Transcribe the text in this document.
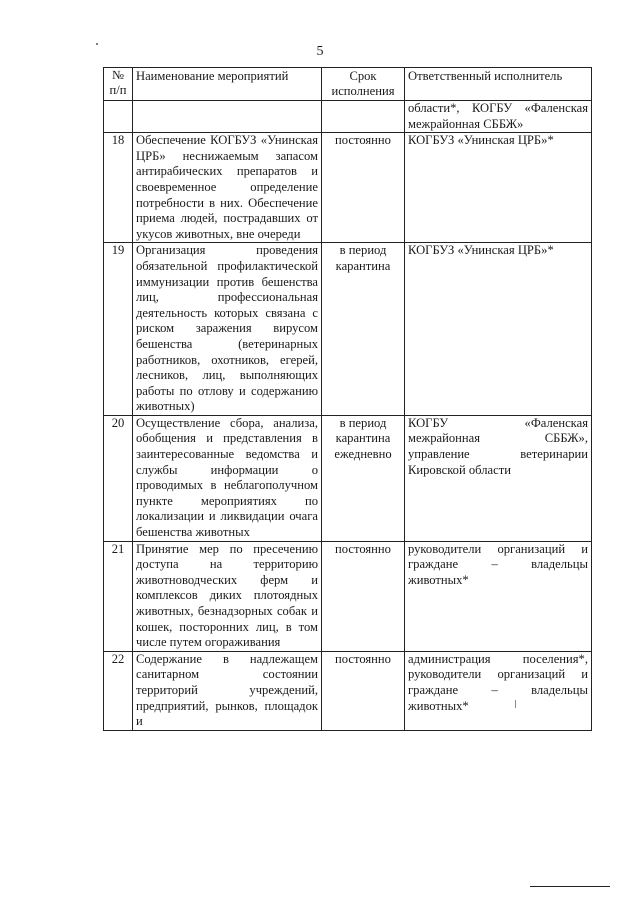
5
№ п/п	Наименование мероприятий	Срок исполнения	Ответственный исполнитель
			области*, КОГБУ «Фаленская межрайонная СББЖ»
18	Обеспечение КОГБУЗ «Унинская ЦРБ» неснижаемым запасом антирабических препаратов и своевременное определение потребности в них. Обеспечение приема людей, пострадавших от укусов животных, вне очереди	постоянно	КОГБУЗ «Унинская ЦРБ»*
19	Организация проведения обязательной профилактической иммунизации против бешенства лиц, профессиональная деятельность которых связана с риском заражения вирусом бешенства (ветеринарных работников, охотников, егерей, лесников, лиц, выполняющих работы по отлову и содержанию животных)	в период карантина	КОГБУЗ «Унинская ЦРБ»*
20	Осуществление сбора, анализа, обобщения и представления в заинтересованные ведомства и службы информации о проводимых в неблагополучном пункте мероприятиях по локализации и ликвидации очага бешенства животных	в период карантина ежедневно	КОГБУ «Фаленская межрайонная СББЖ», управление ветеринарии Кировской области
21	Принятие мер по пресечению доступа на территорию животноводческих ферм и комплексов диких плотоядных животных, безнадзорных собак и кошек, посторонних лиц, в том числе путем огораживания	постоянно	руководители организаций и граждане – владельцы животных*
22	Содержание в надлежащем санитарном состоянии территорий учреждений, предприятий, рынков, площадок и	постоянно	администрация поселения*, руководители организаций и граждане – владельцы животных*
